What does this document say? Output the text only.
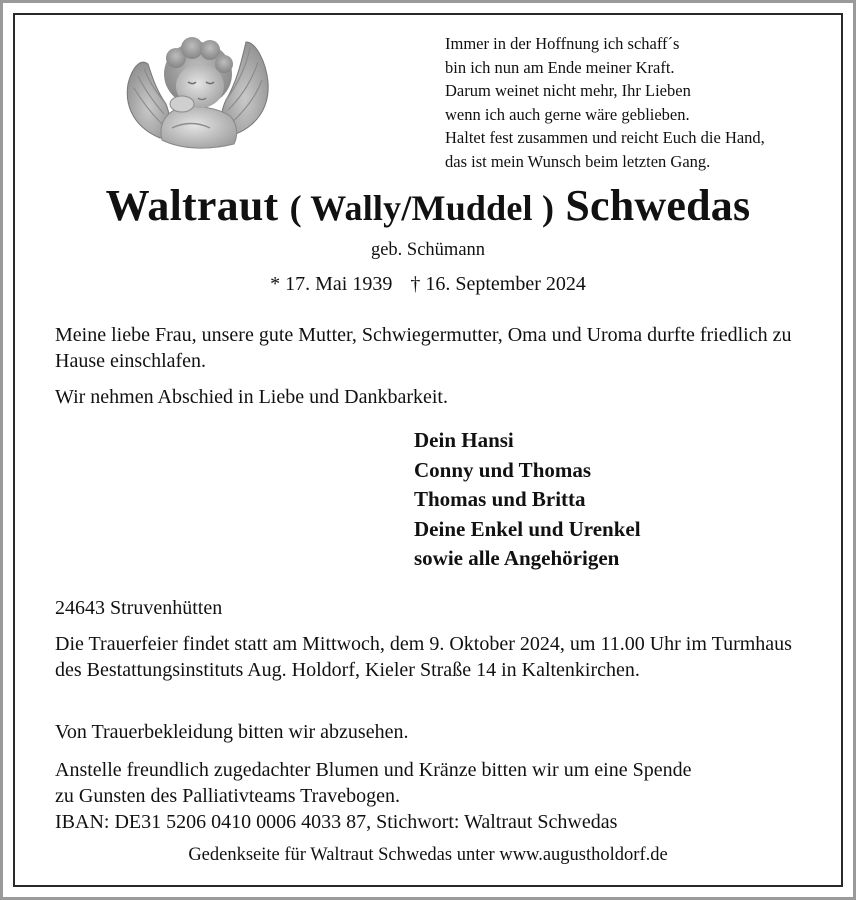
Immer in der Hoffnung ich schaff´s
bin ich nun am Ende meiner Kraft.
Darum weinet nicht mehr, Ihr Lieben
wenn ich auch gerne wäre geblieben.
Haltet fest zusammen und reicht Euch die Hand,
das ist mein Wunsch beim letzten Gang.
Waltraut ( Wally/Muddel ) Schwedas
geb. Schümann
* 17. Mai 1939 † 16. September 2024
Meine liebe Frau, unsere gute Mutter, Schwiegermutter, Oma und Uroma durfte friedlich zu Hause einschlafen.
Wir nehmen Abschied in Liebe und Dankbarkeit.
Dein Hansi
Conny und Thomas
Thomas und Britta
Deine Enkel und Urenkel
sowie alle Angehörigen
24643 Struvenhütten
Die Trauerfeier findet statt am Mittwoch, dem 9. Oktober 2024, um 11.00 Uhr im Turmhaus des Bestattungsinstituts Aug. Holdorf, Kieler Straße 14 in Kaltenkirchen.
Von Trauerbekleidung bitten wir abzusehen.
Anstelle freundlich zugedachter Blumen und Kränze bitten wir um eine Spende
zu Gunsten des Palliativteams Travebogen.
IBAN: DE31 5206 0410 0006 4033 87, Stichwort: Waltraut Schwedas
Gedenkseite für Waltraut Schwedas unter www.augustholdorf.de
